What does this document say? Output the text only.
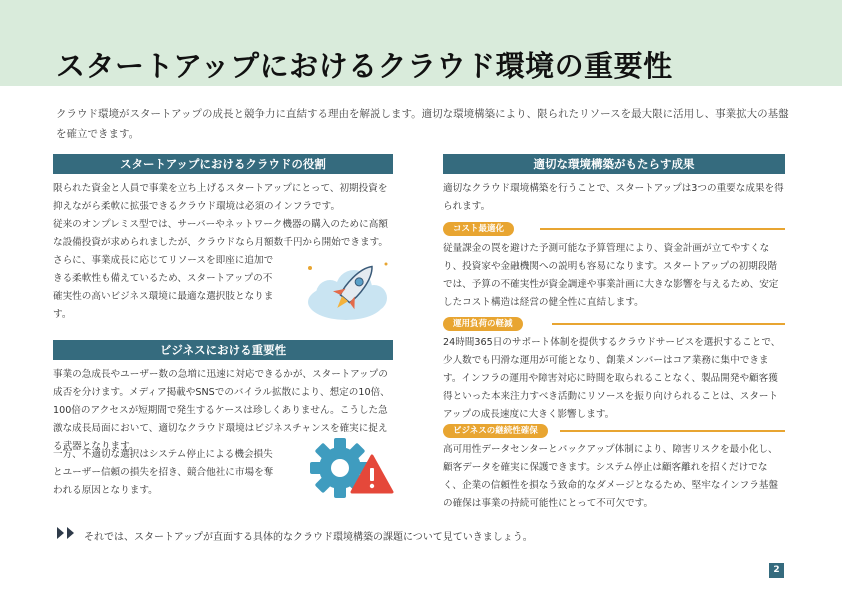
スタートアップにおけるクラウド環境の重要性

クラウド環境がスタートアップの成長と競争力に直結する理由を解説します。適切な環境構築により、限られたリソースを最大限に活用し、事業拡大の基盤を確立できます。

スタートアップにおけるクラウドの役割

限られた資金と人員で事業を立ち上げるスタートアップにとって、初期投資を抑えながら柔軟に拡張できるクラウド環境は必須のインフラです。

従来のオンプレミス型では、サーバーやネットワーク機器の購入のために高額な設備投資が求められましたが、クラウドなら月額数千円から開始できます。

さらに、事業成長に応じてリソースを即座に追加できる柔軟性も備えているため、スタートアップの不確実性の高いビジネス環境に最適な選択肢となります。

ビジネスにおける重要性

事業の急成長やユーザー数の急増に迅速に対応できるかが、スタートアップの成否を分けます。メディア掲載やSNSでのバイラル拡散により、想定の10倍、100倍のアクセスが短期間で発生するケースは珍しくありません。こうした急激な成長局面において、適切なクラウド環境はビジネスチャンスを確実に捉える武器となります。

一方、不適切な選択はシステム停止による機会損失とユーザー信頼の損失を招き、競合他社に市場を奪われる原因となります。

適切な環境構築がもたらす成果

適切なクラウド環境構築を行うことで、スタートアップは3つの重要な成果を得られます。

コスト最適化

従量課金の罠を避けた予測可能な予算管理により、資金計画が立てやすくなり、投資家や金融機関への説明も容易になります。スタートアップの初期段階では、予算の不確実性が資金調達や事業計画に大きな影響を与えるため、安定したコスト構造は経営の健全性に直結します。

運用負荷の軽減

24時間365日のサポート体制を提供するクラウドサービスを選択することで、少人数でも円滑な運用が可能となり、創業メンバーはコア業務に集中できます。インフラの運用や障害対応に時間を取られることなく、製品開発や顧客獲得といった本来注力すべき活動にリソースを振り向けられることは、スタートアップの成長速度に大きく影響します。

ビジネスの継続性確保

高可用性データセンターとバックアップ体制により、障害リスクを最小化し、顧客データを確実に保護できます。システム停止は顧客離れを招くだけでなく、企業の信頼性を損なう致命的なダメージとなるため、堅牢なインフラ基盤の確保は事業の持続可能性にとって不可欠です。

それでは、スタートアップが直面する具体的なクラウド環境構築の課題について見ていきましょう。

2
